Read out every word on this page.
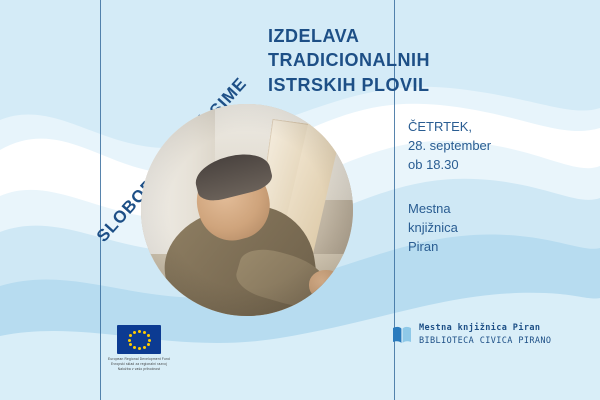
IZDELAVA
TRADICIONALNIH
ISTRSKIH PLOVIL
ČETRTEK,
28. september
ob 18.30
Mestna
knjižnica
Piran
SLOBODAN SIME
European Regional Development Fund
Evropski sklad za regionalni razvoj
Naložba v vašo prihodnost
Mestna knjižnica Piran
BIBLIOTECA CIVICA PIRANO
